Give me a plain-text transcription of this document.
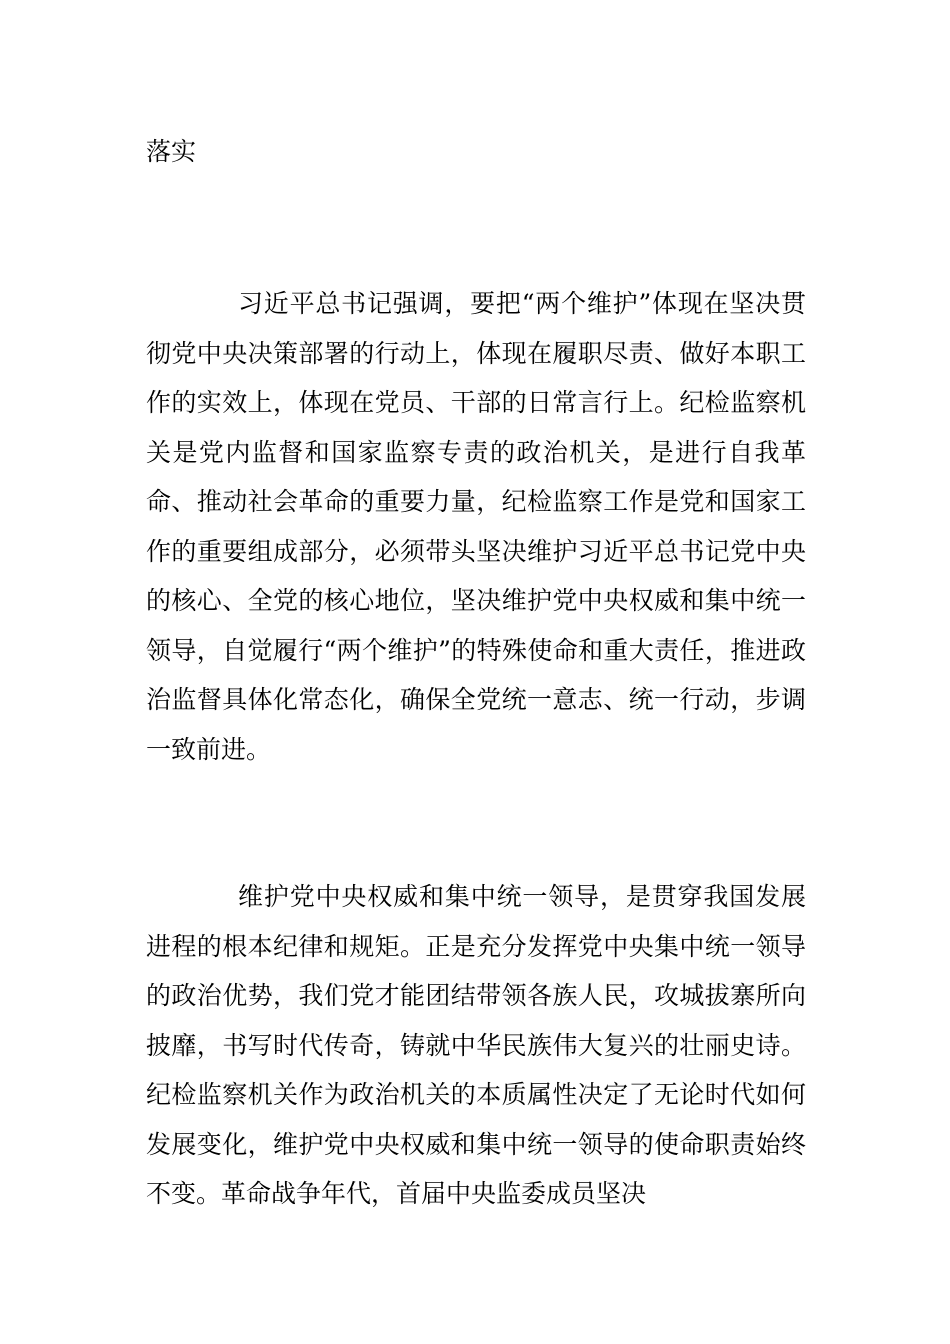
落实

习近平总书记强调，要把“两个维护”体现在坚决贯彻党中央决策部署的行动上，体现在履职尽责、做好本职工作的实效上，体现在党员、干部的日常言行上。纪检监察机关是党内监督和国家监察专责的政治机关，是进行自我革命、推动社会革命的重要力量，纪检监察工作是党和国家工作的重要组成部分，必须带头坚决维护习近平总书记党中央的核心、全党的核心地位，坚决维护党中央权威和集中统一领导，自觉履行“两个维护”的特殊使命和重大责任，推进政治监督具体化常态化，确保全党统一意志、统一行动，步调一致前进。

维护党中央权威和集中统一领导，是贯穿我国发展进程的根本纪律和规矩。正是充分发挥党中央集中统一领导的政治优势，我们党才能团结带领各族人民，攻城拔寨所向披靡，书写时代传奇，铸就中华民族伟大复兴的壮丽史诗。纪检监察机关作为政治机关的本质属性决定了无论时代如何发展变化，维护党中央权威和集中统一领导的使命职责始终不变。革命战争年代，首届中央监委成员坚决
